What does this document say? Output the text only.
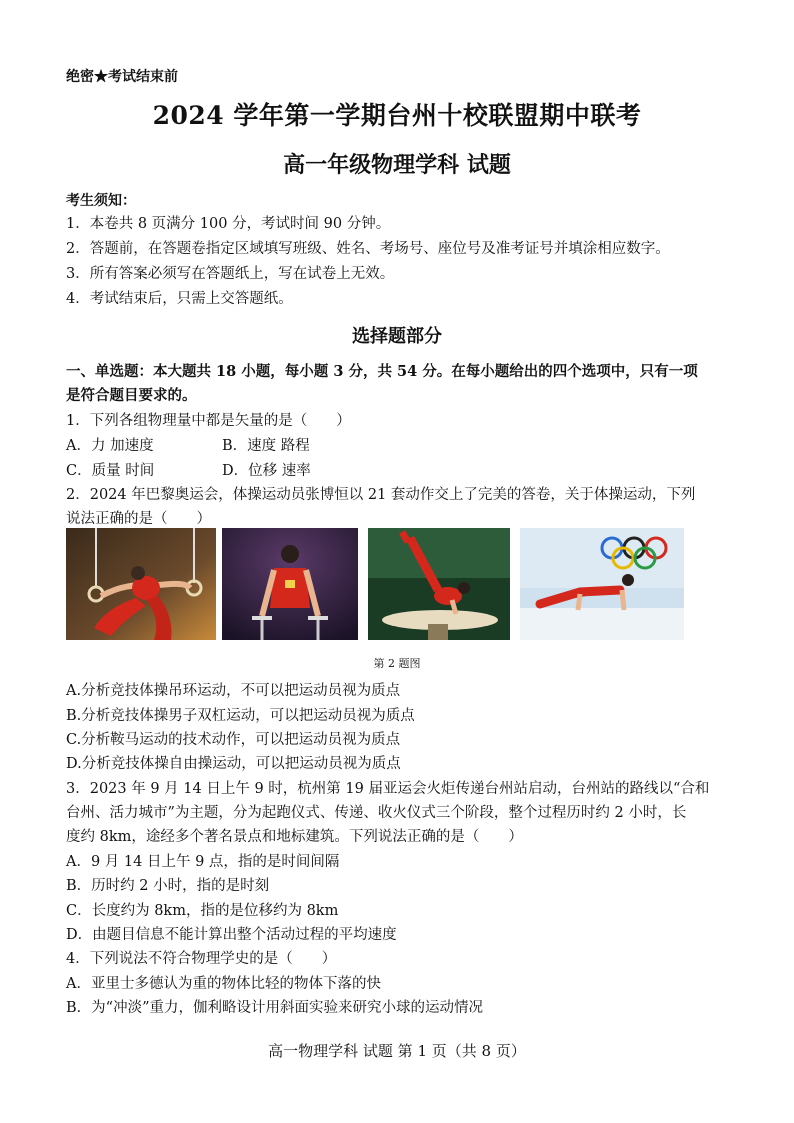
绝密★考试结束前
2024 学年第一学期台州十校联盟期中联考
高一年级物理学科 试题
考生须知：
1．本卷共 8 页满分 100 分，考试时间 90 分钟。
2．答题前，在答题卷指定区域填写班级、姓名、考场号、座位号及准考证号并填涂相应数字。
3．所有答案必须写在答题纸上，写在试卷上无效。
4．考试结束后，只需上交答题纸。
选择题部分
一、单选题：本大题共 18 小题，每小题 3 分，共 54 分。在每小题给出的四个选项中，只有一项
是符合题目要求的。
1．下列各组物理量中都是矢量的是（　　）
A．力 加速度	B．速度 路程
C．质量 时间	D．位移 速率
2．2024 年巴黎奥运会，体操运动员张博恒以 21 套动作交上了完美的答卷，关于体操运动，下列
说法正确的是（　　）
第 2 题图
A.分析竞技体操吊环运动，不可以把运动员视为质点
B.分析竞技体操男子双杠运动，可以把运动员视为质点
C.分析鞍马运动的技术动作，可以把运动员视为质点
D.分析竞技体操自由操运动，可以把运动员视为质点
3．2023 年 9 月 14 日上午 9 时，杭州第 19 届亚运会火炬传递台州站启动，台州站的路线以“合和
台州、活力城市”为主题，分为起跑仪式、传递、收火仪式三个阶段，整个过程历时约 2 小时，长
度约 8km，途经多个著名景点和地标建筑。下列说法正确的是（　　）
A．9 月 14 日上午 9 点，指的是时间间隔
B．历时约 2 小时，指的是时刻
C．长度约为 8km，指的是位移约为 8km
D．由题目信息不能计算出整个活动过程的平均速度
4．下列说法不符合物理学史的是（　　）
A．亚里士多德认为重的物体比轻的物体下落的快
B．为“冲淡”重力，伽利略设计用斜面实验来研究小球的运动情况
高一物理学科 试题 第 1 页（共 8 页）
